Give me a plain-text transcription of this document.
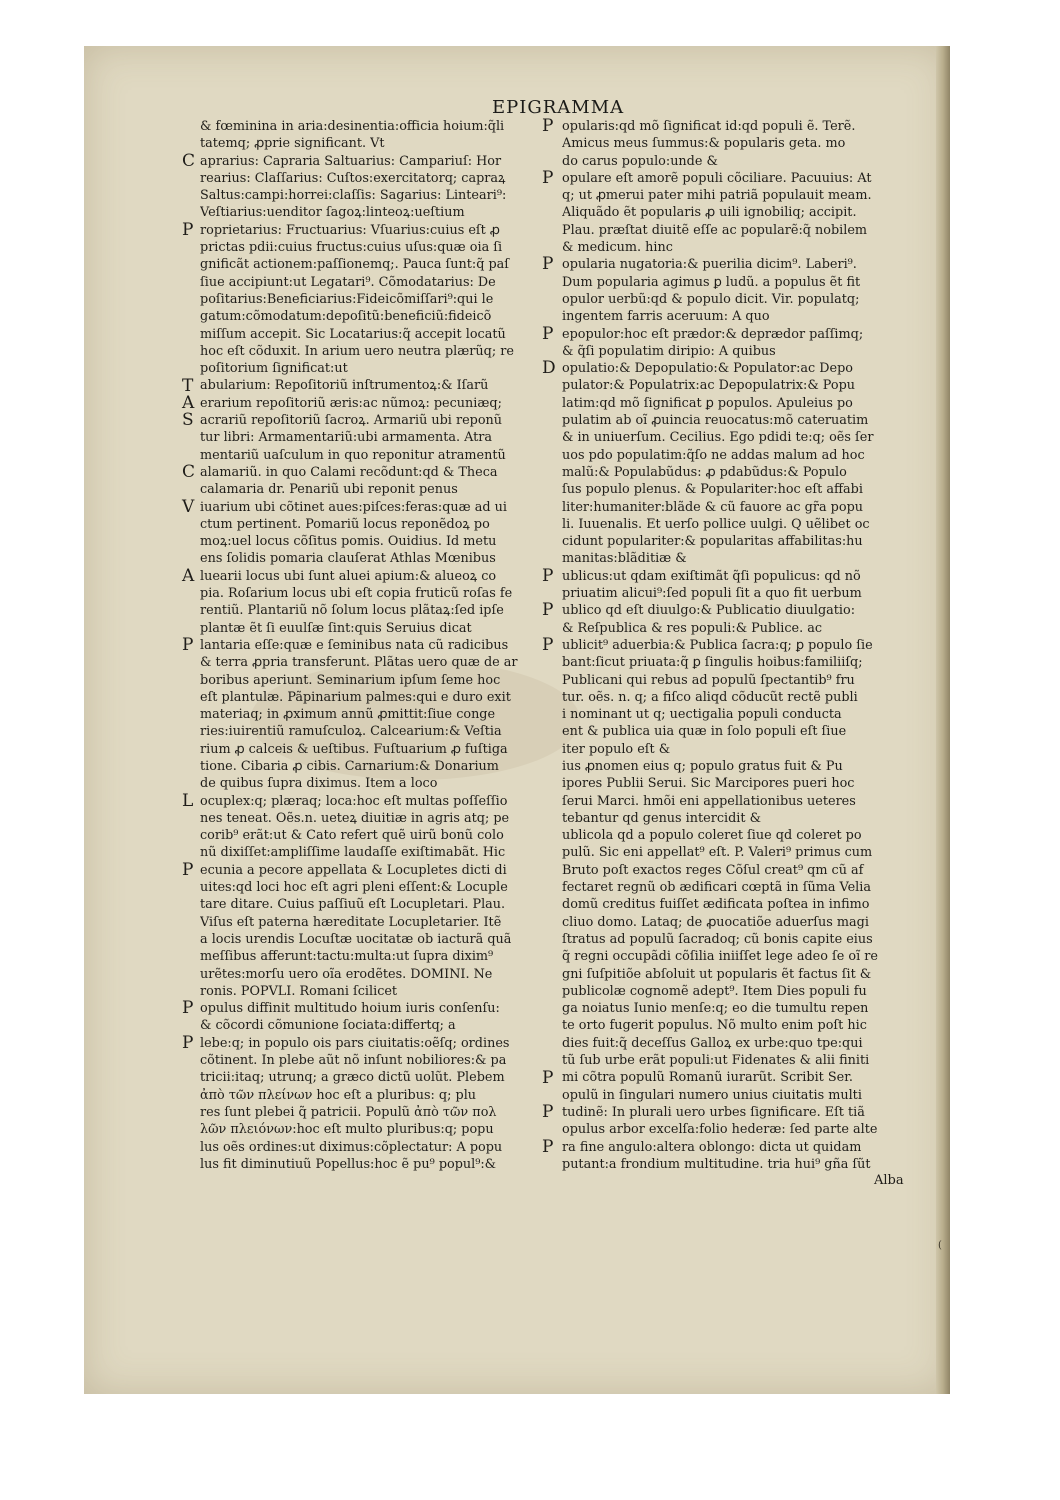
EPIGRAMMA
& fœminina in aria:desinentia:officia hoium:q̃li
tatemq; ꝓprie significant. Vt
aprarius: Capraria Saltuarius: Campariuſ: Hor
rearius: Claſſarius: Cuſtos:exercitatorq; capraꝝ
Saltus:campi:horrei:claſſis: Sagarius: Linteari⁹:
Veſtiarius:uenditor ſagoꝝ:linteoꝝ:ueſtium
roprietarius: Fructuarius: Vſuarius:cuius eſt ꝓ
prictas pdii:cuius fructus:cuius uſus:quæ oia ſi
gnificãt actionem:paſſionemq;. Pauca ſunt:q̃ paſ
ſiue accipiunt:ut Legatari⁹. Cõmodatarius: De
poſitarius:Beneficiarius:Fideicõmiſſari⁹:qui le
gatum:cõmodatum:depoſitũ:beneficiũ:fideicõ
miſſum accepit. Sic Locatarius:q̃ accepit locatũ
hoc eſt cõduxit. In arium uero neutra plærũq; re
poſitorium ſignificat:ut
abularium: Repoſitoriũ inſtrumentoꝝ:& Iſarũ
erarium repoſitoriũ æris:ac nũmoꝝ: pecuniæq;
acrariũ repoſitoriũ ſacroꝝ. Armariũ ubi reponũ
tur libri: Armamentariũ:ubi armamenta. Atra
mentariũ uaſculum in quo reponitur atramentũ
alamariũ. in quo Calami recõdunt:qd & Theca
calamaria dr. Penariũ ubi reponit penus
iuarium ubi cõtinet aues:piſces:feras:quæ ad ui
ctum pertinent. Pomariũ locus reponẽdoꝝ po
moꝝ:uel locus cõſitus pomis. Ouidius. Id metu
ens ſolidis pomaria clauſerat Athlas Mœnibus
luearii locus ubi ſunt aluei apium:& alueoꝝ co
pia. Roſarium locus ubi eſt copia fruticũ roſas fe
rentiũ. Plantariũ nõ ſolum locus plãtaꝝ:ſed ipſe
plantæ ẽt ſi euulſæ ſint:quis Seruius dicat
lantaria eſſe:quæ e ſeminibus nata cũ radicibus
& terra ꝓpria transferunt. Plãtas uero quæ de ar
boribus aperiunt. Seminarium ipſum ſeme hoc
eſt plantulæ. Pãpinarium palmes:qui e duro exit
materiaq; in ꝓximum annũ ꝓmittit:ſiue conge
ries:iuirentiũ ramuſculoꝝ. Calcearium:& Veſtia
rium ꝓ calceis & ueſtibus. Fuſtuarium ꝓ fuſtiga
tione. Cibaria ꝓ cibis. Carnarium:& Donarium
de quibus ſupra diximus. Item a loco
ocuplex:q; plæraq; loca:hoc eſt multas poſſeſſio
nes teneat. Oẽs.n. ueteꝝ diuitiæ in agris atq; pe
corib⁹ erãt:ut & Cato refert quẽ uirũ bonũ colo
nũ dixiſſet:ampliſſime laudaſſe exiſtimabãt. Hic
ecunia a pecore appellata & Locupletes dicti di
uites:qd loci hoc eſt agri pleni eſſent:& Locuple
tare ditare. Cuius paſſiuũ eſt Locupletari. Plau.
Viſus eſt paterna hæreditate Locupletarier. Itẽ
a locis urendis Locuſtæ uocitatæ ob iacturã quã
meſſibus afferunt:tactu:multa:ut ſupra dixim⁹
urẽtes:morſu uero oĩa erodẽtes. DOMINI. Ne
ronis. POPVLI. Romani ſcilicet
opulus diffinit multitudo hoium iuris conſenſu:
& cõcordi cõmunione ſociata:differtq; a
lebe:q; in populo ois pars ciuitatis:oẽſq; ordines
cõtinent. In plebe aũt nõ inſunt nobiliores:& pa
tricii:itaq; utrunq; a græco dictũ uolũt. Plebem
ἀπὸ τῶν πλείνων hoc eſt a pluribus: q; plu
res ſunt plebei q̃ patricii. Populũ ἀπὸ τῶν πολ
λῶν πλειόνων:hoc eſt multo pluribus:q; popu
lus oẽs ordines:ut diximus:cõplectatur: A popu
lus fit diminutiuũ Popellus:hoc ẽ pu⁹ popul⁹:&
opularis:qd mõ ſignificat id:qd populi ẽ. Terẽ.
Amicus meus ſummus:& popularis geta. mo
do carus populo:unde &
opulare eſt amorẽ populi cõciliare. Pacuuius: At
q; ut ꝓmerui pater mihi patriã populauit meam.
Aliquãdo ẽt popularis ꝓ uili ignobiliq; accipit.
Plau. præſtat diuitẽ eſſe ac popularẽ:q̃ nobilem
& medicum. hinc
opularia nugatoria:& puerilia dicim⁹. Laberi⁹.
Dum popularia agimus ꝑ ludũ. a populus ẽt fit
opulor uerbũ:qd & populo dicit. Vir. populatq;
ingentem farris aceruum: A quo
epopulor:hoc eſt prædor:& deprædor paſſimq;
& q̃ſi populatim diripio: A quibus
opulatio:& Depopulatio:& Populator:ac Depo
pulator:& Populatrix:ac Depopulatrix:& Popu
latim:qd mõ ſignificat ꝑ populos. Apuleius po
pulatim ab oĩ ꝓuincia reuocatus:mõ cateruatim
& in uniuerſum. Cecilius. Ego pdidi te:q; oẽs ſer
uos pdo populatim:q̃ſo ne addas malum ad hoc
malũ:& Populabũdus: ꝓ pdabũdus:& Populo
ſus populo plenus. & Populariter:hoc eſt affabi
liter:humaniter:blãde & cũ fauore ac gr̃a popu
li. Iuuenalis. Et uerſo pollice uulgi. Q uẽlibet oc
cidunt populariter:& popularitas affabilitas:hu
manitas:blãditiæ &
ublicus:ut qdam exiſtimãt q̃ſi populicus: qd nõ
priuatim alicui⁹:ſed populi ſit a quo fit uerbum
ublico qd eſt diuulgo:& Publicatio diuulgatio:
& Reſpublica & res populi:& Publice. ac
ublicit⁹ aduerbia:& Publica ſacra:q; ꝑ populo ſie
bant:ſicut priuata:q̃ ꝑ ſingulis hoibus:familiiſq;
Publicani qui rebus ad populũ ſpectantib⁹ fru
tur. oẽs. n. q; a fiſco aliqd cõducũt rectẽ publi
i nominant ut q; uectigalia populi conducta
ent & publica uia quæ in ſolo populi eſt ſiue
iter populo eſt &
ius ꝓnomen eius q; populo gratus fuit & Pu
ipores Publii Serui. Sic Marcipores pueri hoc
ſerui Marci. hmõi eni appellationibus ueteres
tebantur qd genus intercidit &
ublicola qd a populo coleret ſiue qd coleret po
pulũ. Sic eni appellat⁹ eſt. P. Valeri⁹ primus cum
Bruto poſt exactos reges Cõſul creat⁹ qm cũ af
fectaret regnũ ob ædificari cœptã in ſũma Velia
domũ creditus fuiſſet ædificata poſtea in infimo
cliuo domo. Lataq; de ꝓuocatiõe aduerſus magi
ſtratus ad populũ ſacradoq; cũ bonis capite eius
q̃ regni occupãdi cõſilia iniiſſet lege adeo ſe oĩ re
gni ſuſpitiõe abſoluit ut popularis ẽt factus ſit &
publicolæ cognomẽ adept⁹. Item Dies populi fu
ga noiatus Iunio menſe:q; eo die tumultu repen
te orto fugerit populus. Nõ multo enim poſt hic
dies fuit:q̃ deceſſus Galloꝝ ex urbe:quo tpe:qui
tũ ſub urbe erãt populi:ut Fidenates & alii finiti
mi cõtra populũ Romanũ iurarũt. Scribit Ser.
opulũ in ſingulari numero unius ciuitatis multi
tudinẽ: In plurali uero urbes ſignificare. Eſt tiã
opulus arbor excelſa:folio hederæ: ſed parte alte
ra fine angulo:altera oblongo: dicta ut quidam
putant:a frondium multitudine. tria hui⁹ gña ſũt
C
P
T
A
S
C
V
A
P
L
P
P
P
P
P
P
P
D
P
P
P
P
P
P
Alba
(
